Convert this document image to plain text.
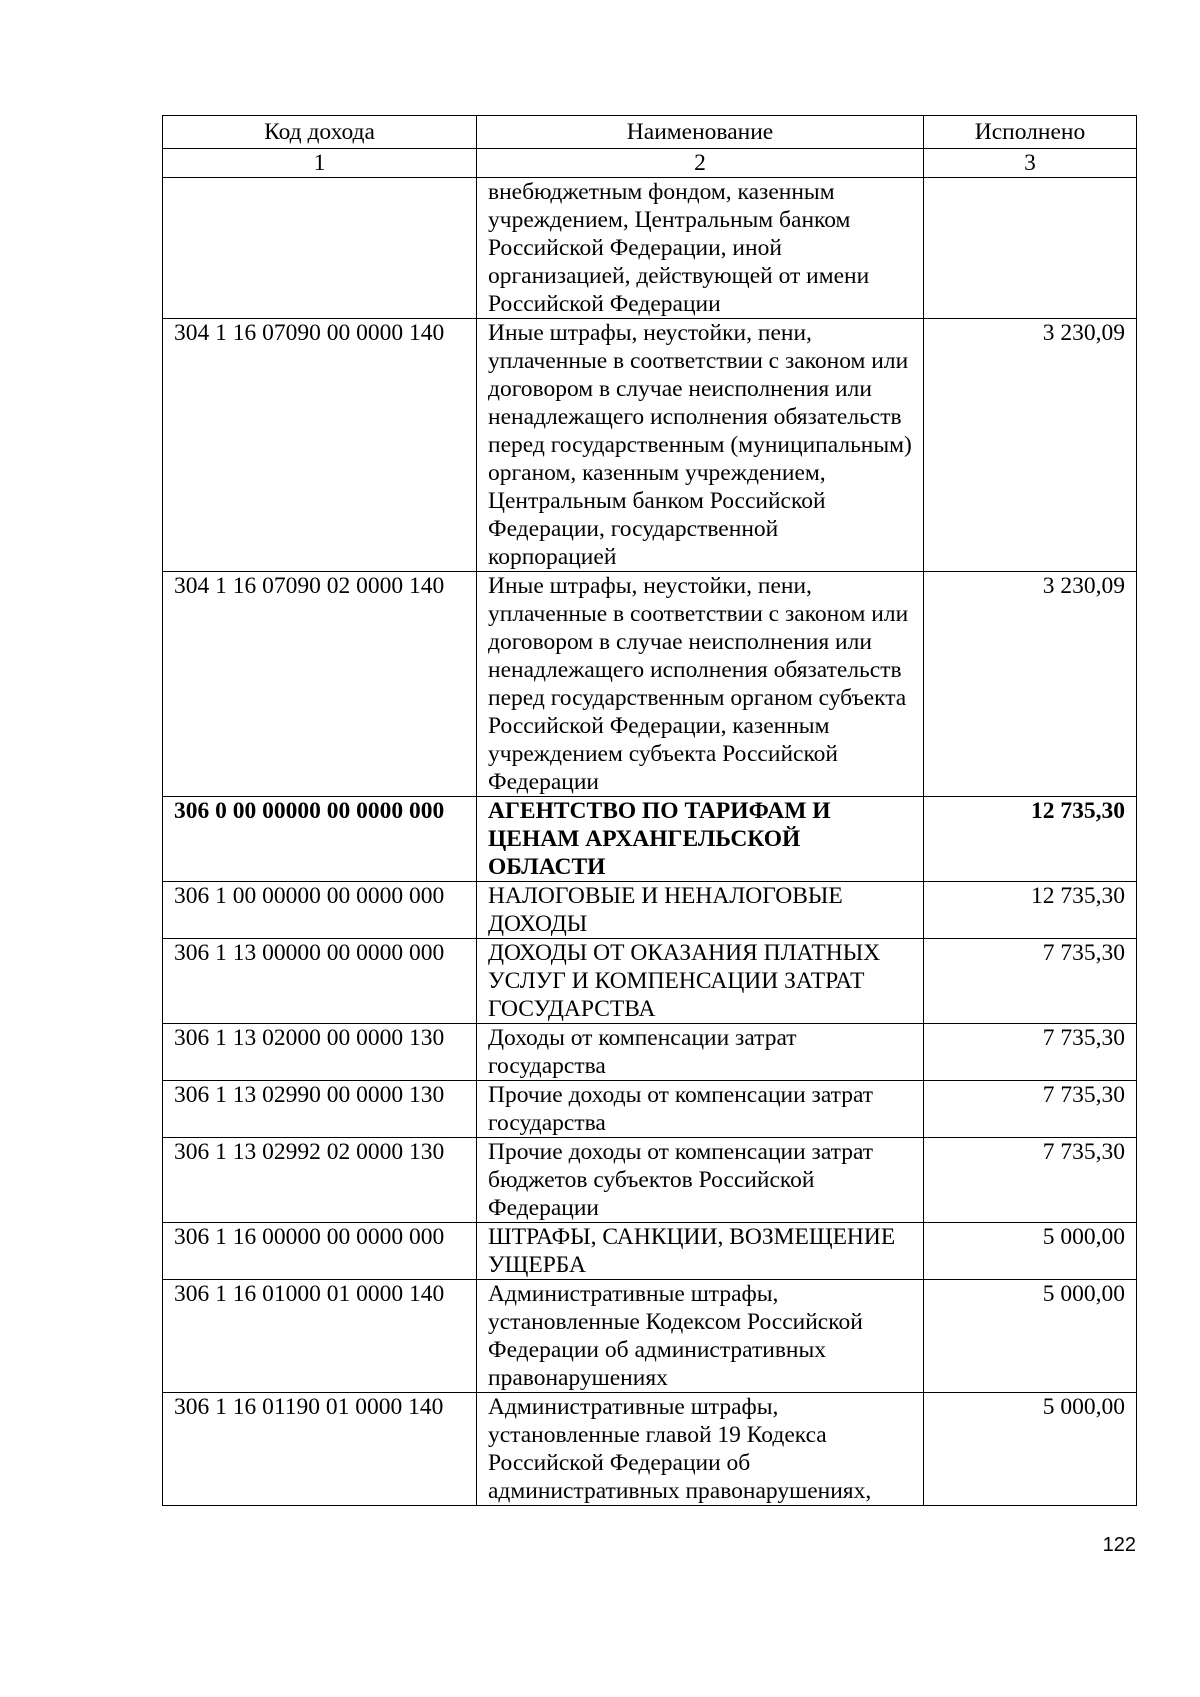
Код дохода	Наименование	Исполнено
1	2	3
	внебюджетным фондом, казенным учреждением, Центральным банком Российской Федерации, иной организацией, действующей от имени Российской Федерации	
304 1 16 07090 00 0000 140	Иные штрафы, неустойки, пени, уплаченные в соответствии с законом или договором в случае неисполнения или ненадлежащего исполнения обязательств перед государственным (муниципальным) органом, казенным учреждением, Центральным банком Российской Федерации, государственной корпорацией	3 230,09
304 1 16 07090 02 0000 140	Иные штрафы, неустойки, пени, уплаченные в соответствии с законом или договором в случае неисполнения или ненадлежащего исполнения обязательств перед государственным органом субъекта Российской Федерации, казенным учреждением субъекта Российской Федерации	3 230,09
306 0 00 00000 00 0000 000	АГЕНТСТВО ПО ТАРИФАМ И ЦЕНАМ АРХАНГЕЛЬСКОЙ ОБЛАСТИ	12 735,30
306 1 00 00000 00 0000 000	НАЛОГОВЫЕ И НЕНАЛОГОВЫЕ ДОХОДЫ	12 735,30
306 1 13 00000 00 0000 000	ДОХОДЫ ОТ ОКАЗАНИЯ ПЛАТНЫХ УСЛУГ И КОМПЕНСАЦИИ ЗАТРАТ ГОСУДАРСТВА	7 735,30
306 1 13 02000 00 0000 130	Доходы от компенсации затрат государства	7 735,30
306 1 13 02990 00 0000 130	Прочие доходы от компенсации затрат государства	7 735,30
306 1 13 02992 02 0000 130	Прочие доходы от компенсации затрат бюджетов субъектов Российской Федерации	7 735,30
306 1 16 00000 00 0000 000	ШТРАФЫ, САНКЦИИ, ВОЗМЕЩЕНИЕ УЩЕРБА	5 000,00
306 1 16 01000 01 0000 140	Административные штрафы, установленные Кодексом Российской Федерации об административных правонарушениях	5 000,00
306 1 16 01190 01 0000 140	Административные штрафы, установленные главой 19 Кодекса Российской Федерации об административных правонарушениях,	5 000,00
122
